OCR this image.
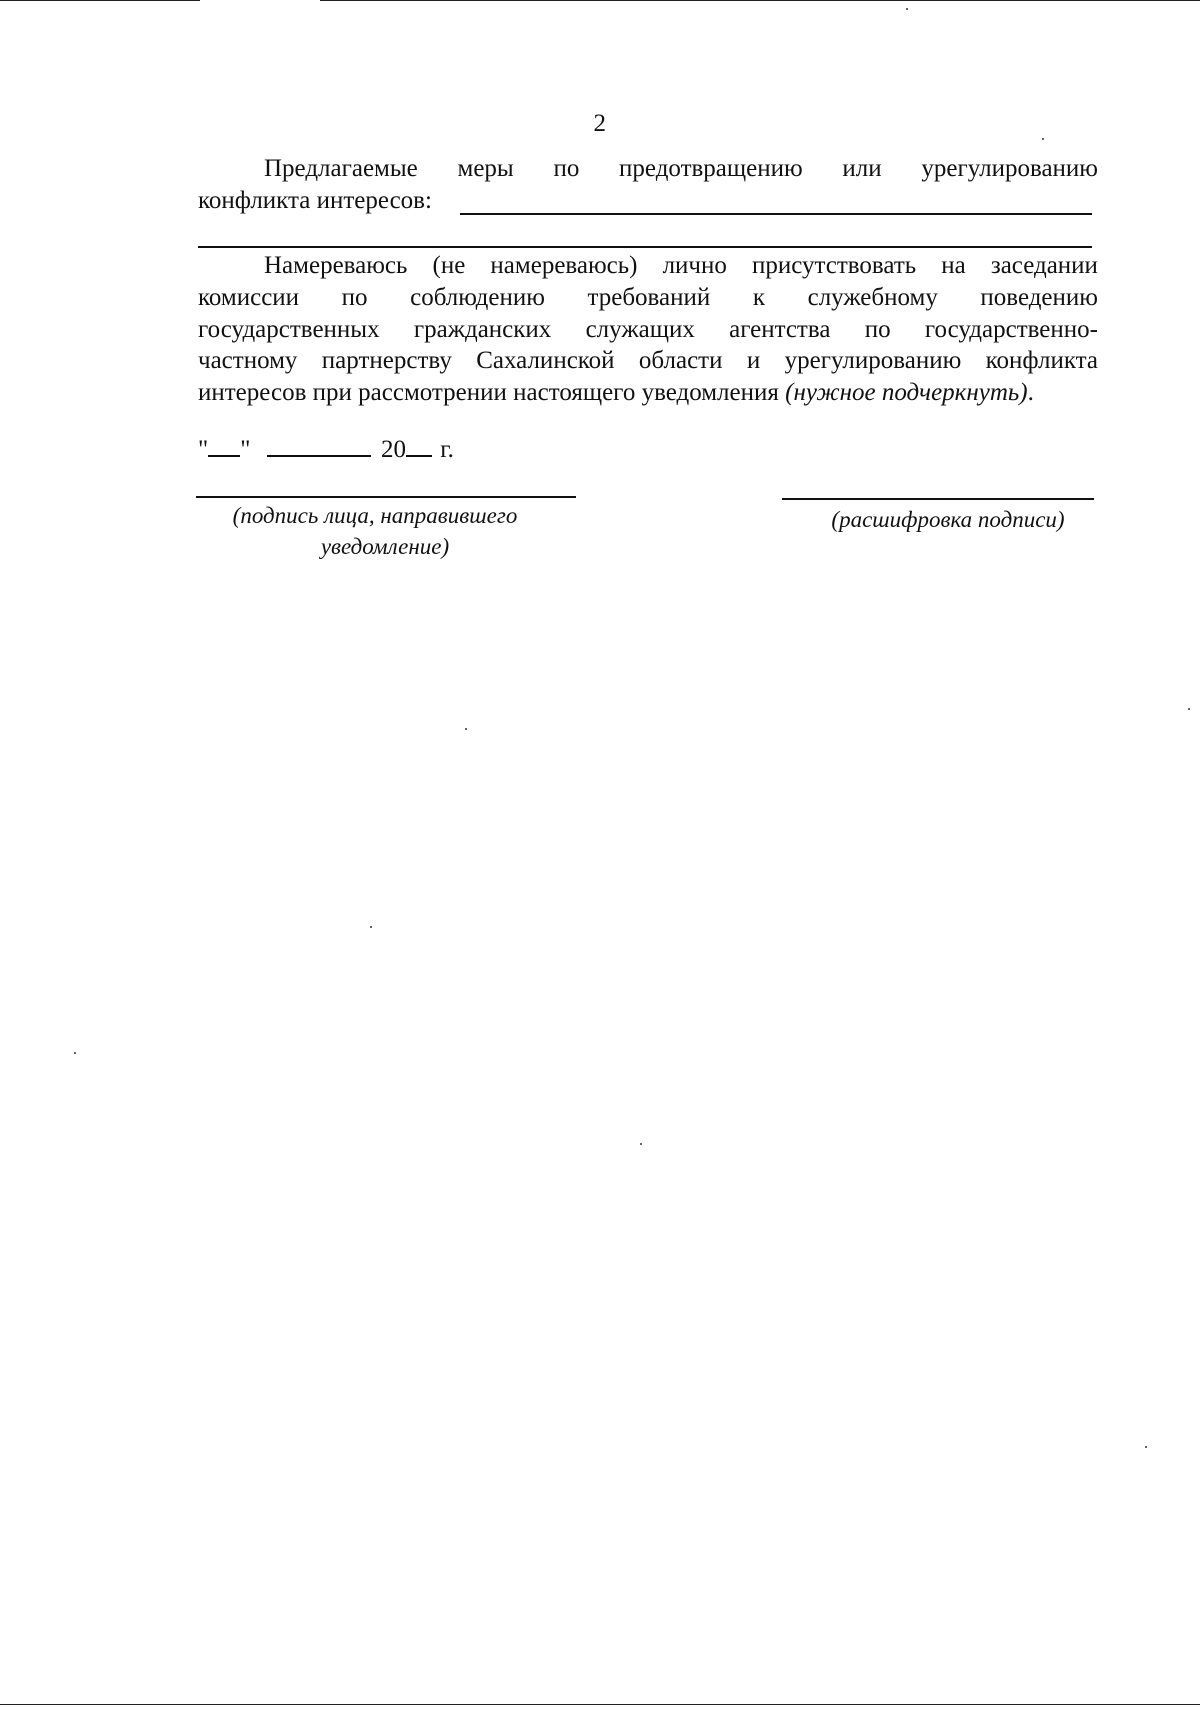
2
Предлагаемые меры по предотвращению или урегулированию
конфликта интересов:
Намереваюсь (не намереваюсь) лично присутствовать на заседании
комиссии по соблюдению требований к служебному поведению
государственных гражданских служащих агентства по государственно-
частному партнерству Сахалинской области и урегулированию конфликта
интересов при рассмотрении настоящего уведомления (нужное подчеркнуть).
" "	20 г.
(подпись лица, направившего
уведомление)
(расшифровка подписи)
